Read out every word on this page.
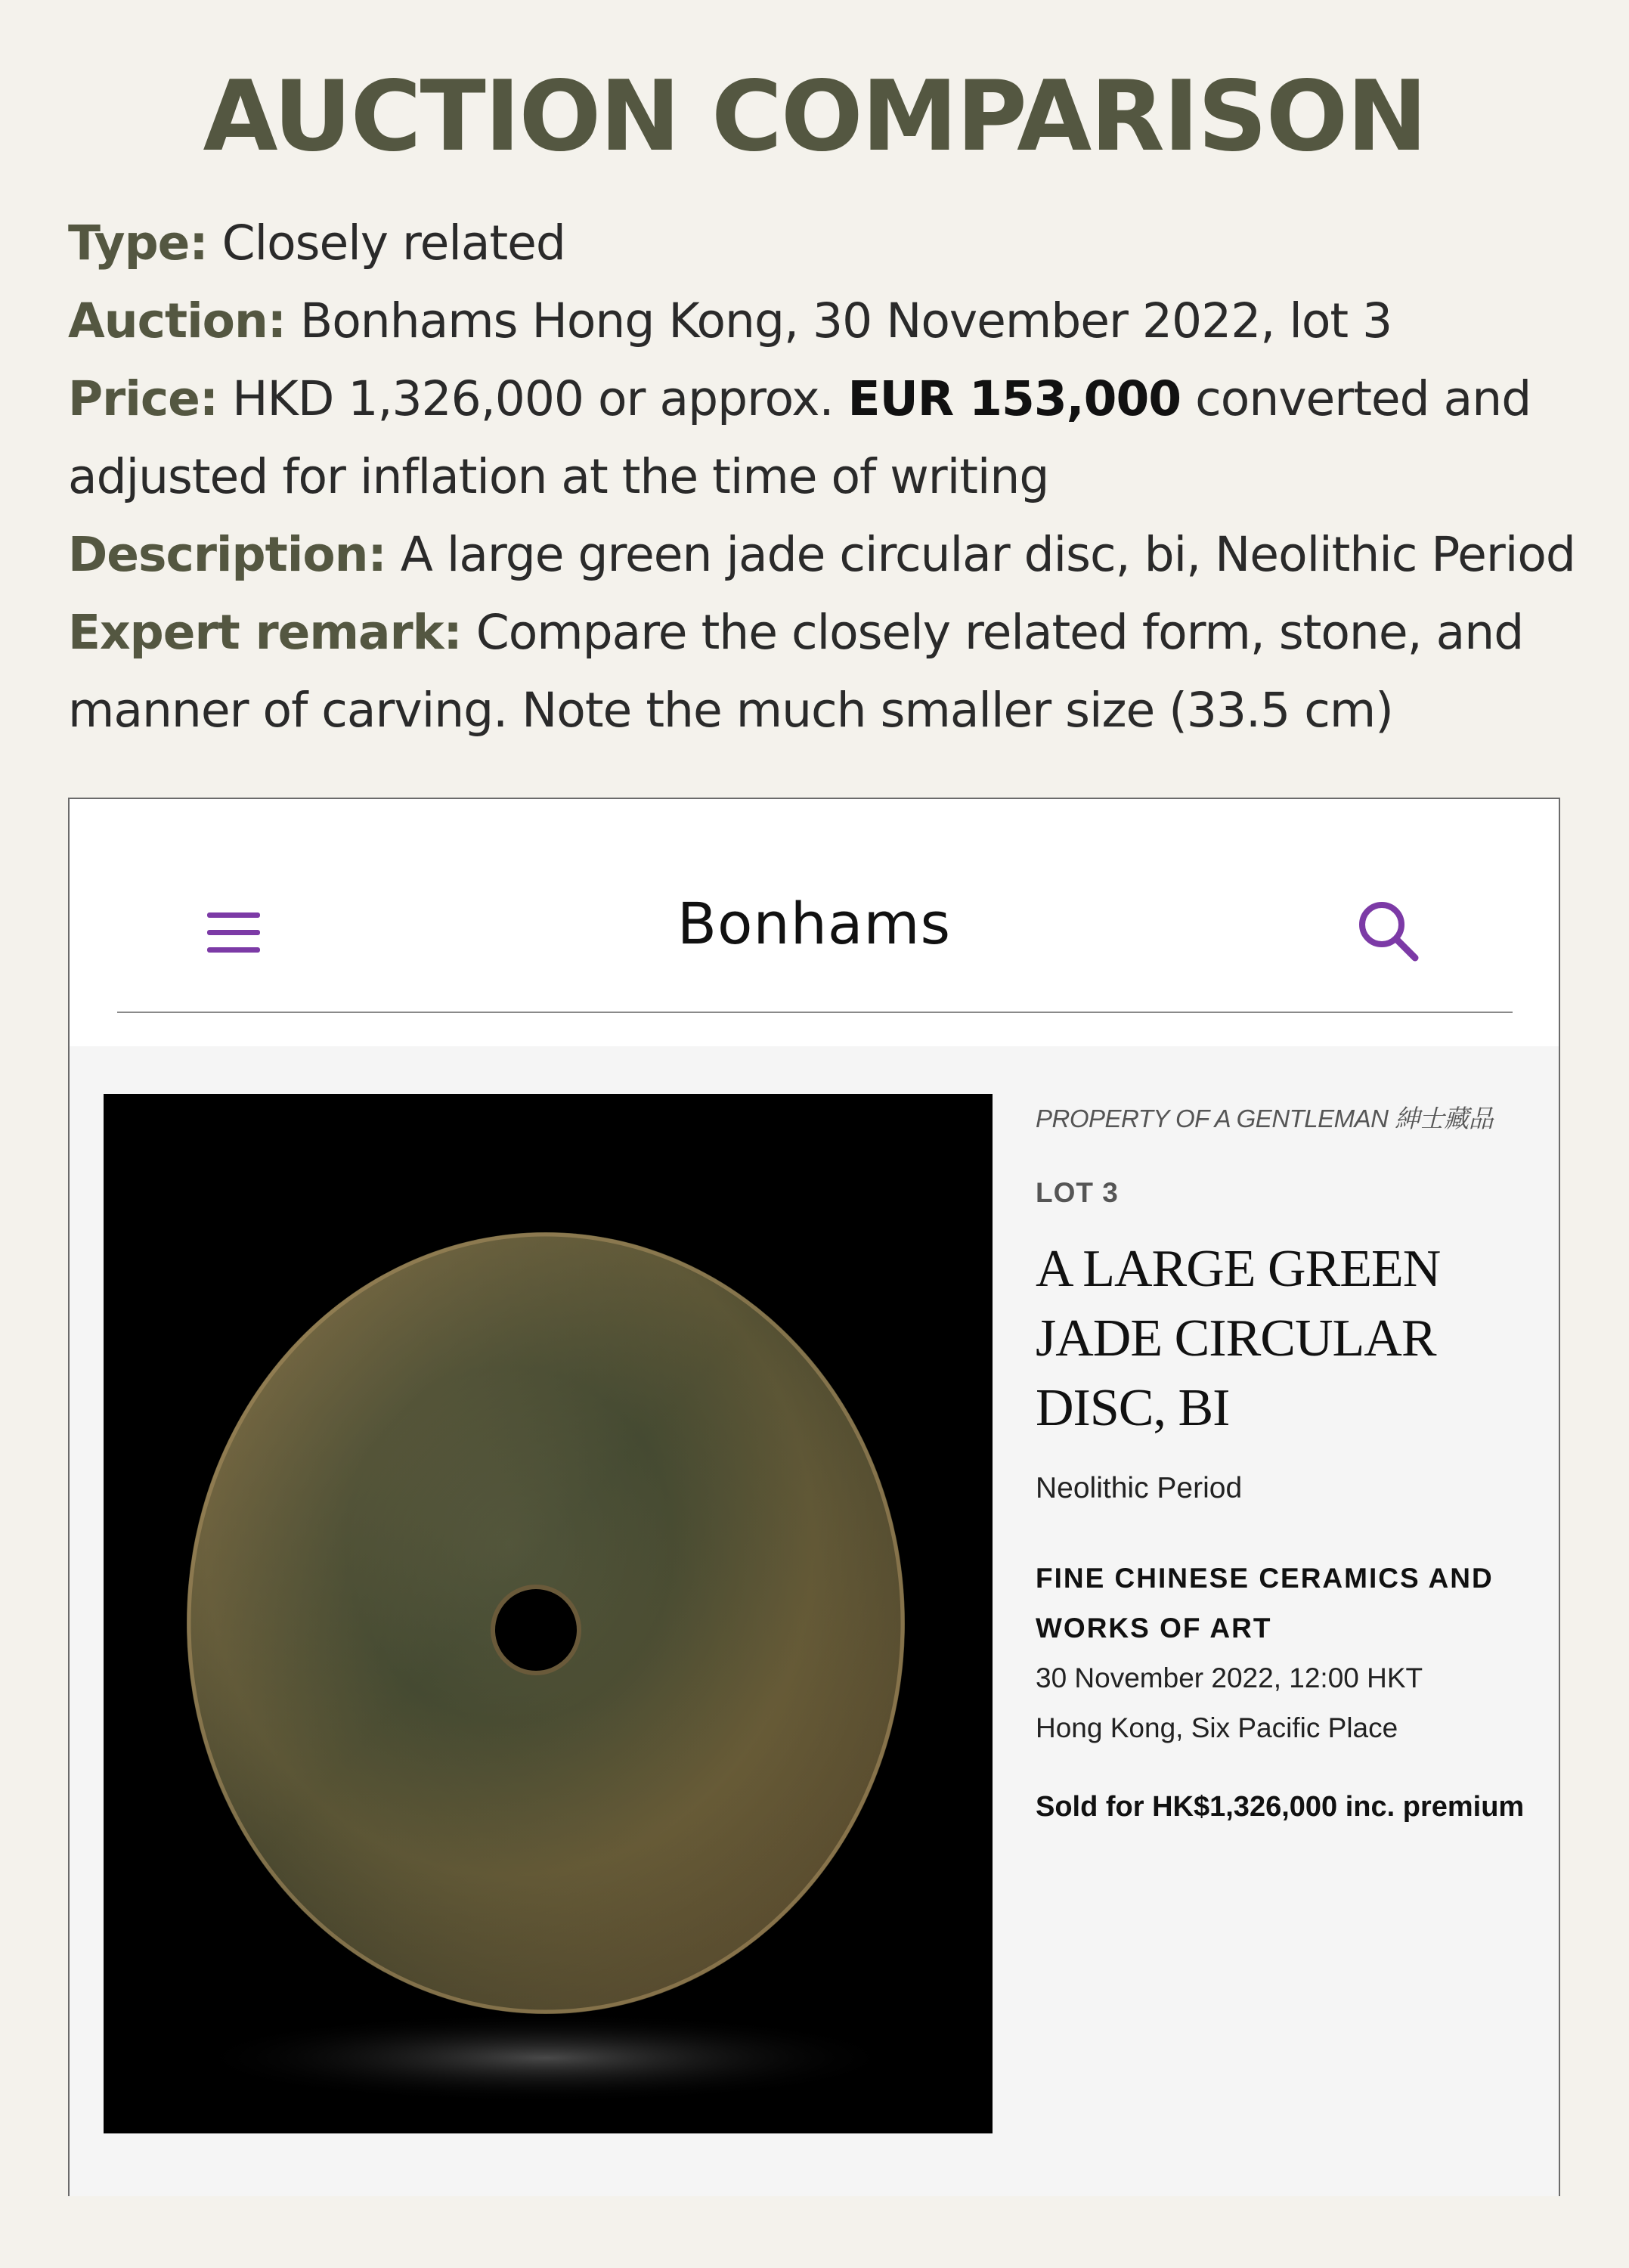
AUCTION COMPARISON

Type: Closely related

Auction: Bonhams Hong Kong, 30 November 2022, lot 3

Price: HKD 1,326,000 or approx. EUR 153,000 converted and adjusted for inflation at the time of writing

Description: A large green jade circular disc, bi, Neolithic Period

Expert remark: Compare the closely related form, stone, and manner of carving. Note the much smaller size (33.5 cm)

Bonhams
PROPERTY OF A GENTLEMAN 紳士藏品
LOT 3
A LARGE GREEN JADE CIRCULAR DISC, BI
Neolithic Period
FINE CHINESE CERAMICS AND WORKS OF ART
30 November 2022, 12:00 HKT
Hong Kong, Six Pacific Place
Sold for HK$1,326,000 inc. premium
